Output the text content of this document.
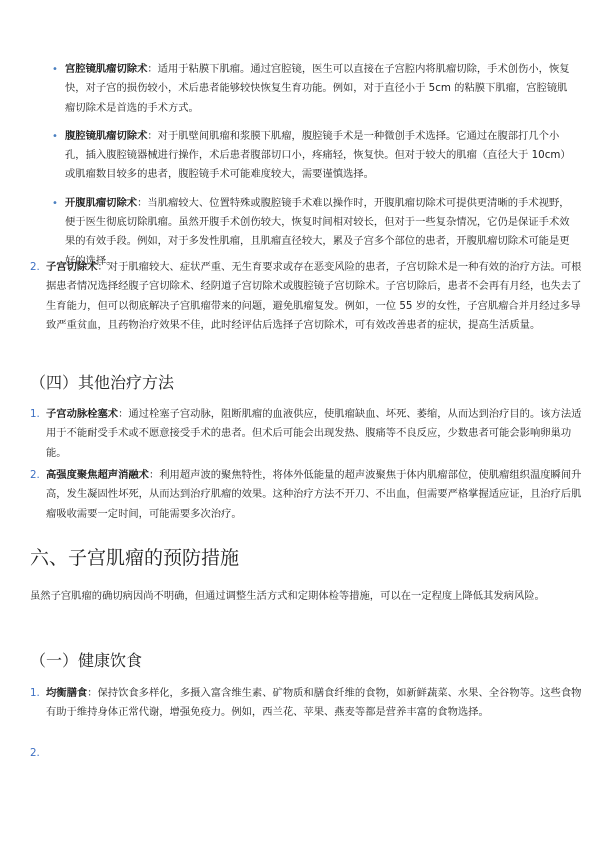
• 宫腔镜肌瘤切除术：适用于粘膜下肌瘤。通过宫腔镜，医生可以直接在子宫腔内将肌瘤切除，手术创伤小，恢复快，对子宫的损伤较小，术后患者能够较快恢复生育功能。例如，对于直径小于 5cm 的粘膜下肌瘤，宫腔镜肌瘤切除术是首选的手术方式。
• 腹腔镜肌瘤切除术：对于肌壁间肌瘤和浆膜下肌瘤，腹腔镜手术是一种微创手术选择。它通过在腹部打几个小孔，插入腹腔镜器械进行操作，术后患者腹部切口小，疼痛轻，恢复快。但对于较大的肌瘤（直径大于 10cm）或肌瘤数目较多的患者，腹腔镜手术可能难度较大，需要谨慎选择。
• 开腹肌瘤切除术：当肌瘤较大、位置特殊或腹腔镜手术难以操作时，开腹肌瘤切除术可提供更清晰的手术视野，便于医生彻底切除肌瘤。虽然开腹手术创伤较大，恢复时间相对较长，但对于一些复杂情况，它仍是保证手术效果的有效手段。例如，对于多发性肌瘤，且肌瘤直径较大，累及子宫多个部位的患者，开腹肌瘤切除术可能是更好的选择。
2. 子宫切除术：对于肌瘤较大、症状严重、无生育要求或存在恶变风险的患者，子宫切除术是一种有效的治疗方法。可根据患者情况选择经腹子宫切除术、经阴道子宫切除术或腹腔镜子宫切除术。子宫切除后，患者不会再有月经，也失去了生育能力，但可以彻底解决子宫肌瘤带来的问题，避免肌瘤复发。例如，一位 55 岁的女性，子宫肌瘤合并月经过多导致严重贫血，且药物治疗效果不佳，此时经评估后选择子宫切除术，可有效改善患者的症状，提高生活质量。
（四）其他治疗方法
1. 子宫动脉栓塞术：通过栓塞子宫动脉，阻断肌瘤的血液供应，使肌瘤缺血、坏死、萎缩，从而达到治疗目的。该方法适用于不能耐受手术或不愿意接受手术的患者。但术后可能会出现发热、腹痛等不良反应，少数患者可能会影响卵巢功能。
2. 高强度聚焦超声消融术：利用超声波的聚焦特性，将体外低能量的超声波聚焦于体内肌瘤部位，使肌瘤组织温度瞬间升高，发生凝固性坏死，从而达到治疗肌瘤的效果。这种治疗方法不开刀、不出血，但需要严格掌握适应证，且治疗后肌瘤吸收需要一定时间，可能需要多次治疗。
六、子宫肌瘤的预防措施
虽然子宫肌瘤的确切病因尚不明确，但通过调整生活方式和定期体检等措施，可以在一定程度上降低其发病风险。
（一）健康饮食
1. 均衡膳食：保持饮食多样化，多摄入富含维生素、矿物质和膳食纤维的食物，如新鲜蔬菜、水果、全谷物等。这些食物有助于维持身体正常代谢，增强免疫力。例如，西兰花、苹果、燕麦等都是营养丰富的食物选择。
2.
